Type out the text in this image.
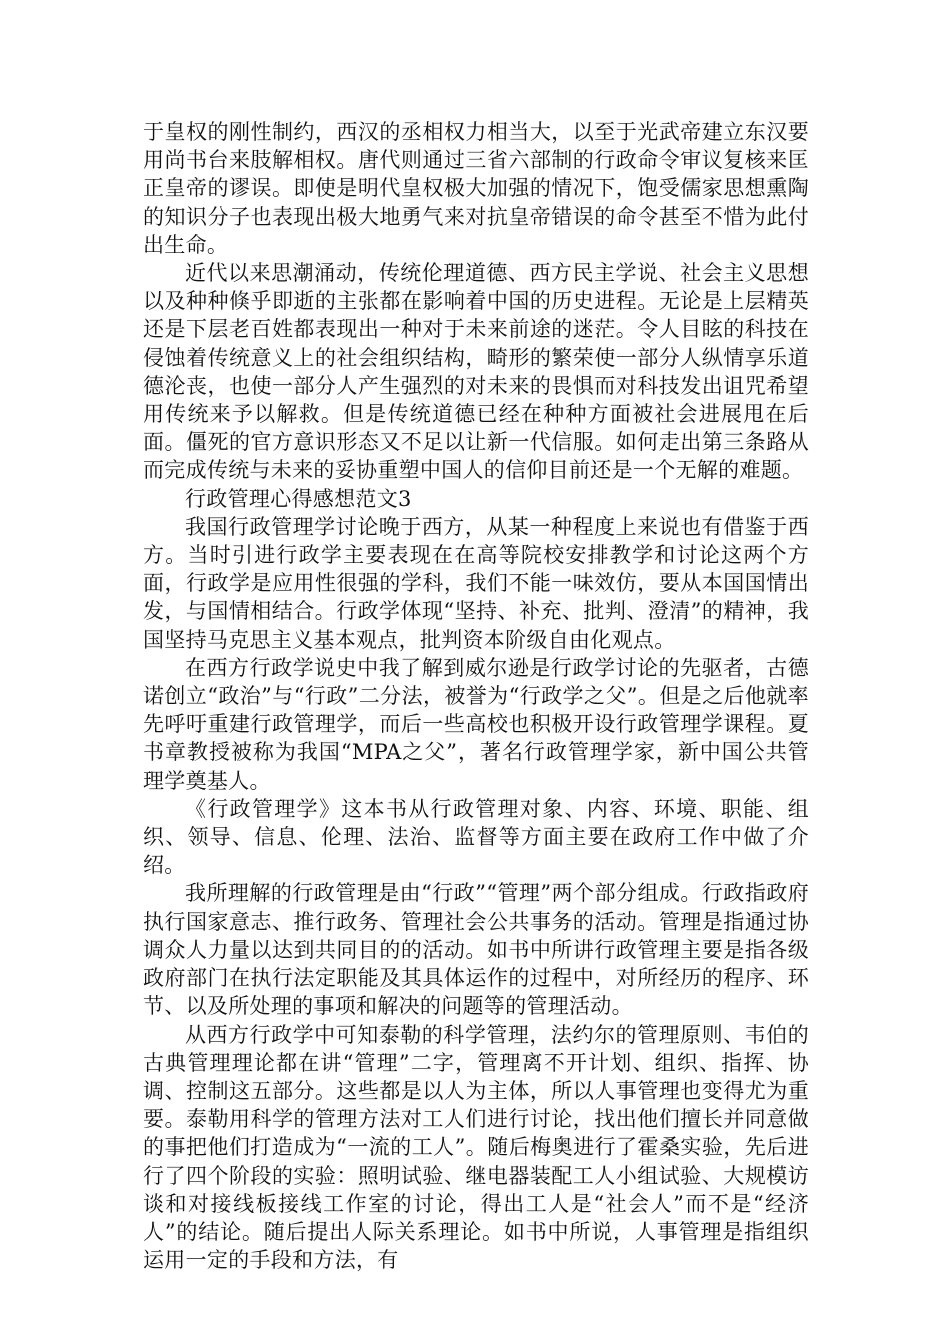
于皇权的刚性制约，西汉的丞相权力相当大，以至于光武帝建立东汉要用尚书台来肢解相权。唐代则通过三省六部制的行政命令审议复核来匡正皇帝的谬误。即使是明代皇权极大加强的情况下，饱受儒家思想熏陶的知识分子也表现出极大地勇气来对抗皇帝错误的命令甚至不惜为此付出生命。

近代以来思潮涌动，传统伦理道德、西方民主学说、社会主义思想以及种种倏乎即逝的主张都在影响着中国的历史进程。无论是上层精英还是下层老百姓都表现出一种对于未来前途的迷茫。令人目眩的科技在侵蚀着传统意义上的社会组织结构，畸形的繁荣使一部分人纵情享乐道德沦丧，也使一部分人产生强烈的对未来的畏惧而对科技发出诅咒希望用传统来予以解救。但是传统道德已经在种种方面被社会进展甩在后面。僵死的官方意识形态又不足以让新一代信服。如何走出第三条路从而完成传统与未来的妥协重塑中国人的信仰目前还是一个无解的难题。

行政管理心得感想范文3

我国行政管理学讨论晚于西方，从某一种程度上来说也有借鉴于西方。当时引进行政学主要表现在在高等院校安排教学和讨论这两个方面，行政学是应用性很强的学科，我们不能一味效仿，要从本国国情出发，与国情相结合。行政学体现“坚持、补充、批判、澄清”的精神，我国坚持马克思主义基本观点，批判资本阶级自由化观点。

在西方行政学说史中我了解到威尔逊是行政学讨论的先驱者，古德诺创立“政治”与“行政”二分法，被誉为“行政学之父”。但是之后他就率先呼吁重建行政管理学，而后一些高校也积极开设行政管理学课程。夏书章教授被称为我国“MPA之父”，著名行政管理学家，新中国公共管理学奠基人。

《行政管理学》这本书从行政管理对象、内容、环境、职能、组织、领导、信息、伦理、法治、监督等方面主要在政府工作中做了介绍。

我所理解的行政管理是由“行政”“管理”两个部分组成。行政指政府执行国家意志、推行政务、管理社会公共事务的活动。管理是指通过协调众人力量以达到共同目的的活动。如书中所讲行政管理主要是指各级政府部门在执行法定职能及其具体运作的过程中，对所经历的程序、环节、以及所处理的事项和解决的问题等的管理活动。

从西方行政学中可知泰勒的科学管理，法约尔的管理原则、韦伯的古典管理理论都在讲“管理”二字，管理离不开计划、组织、指挥、协调、控制这五部分。这些都是以人为主体，所以人事管理也变得尤为重要。泰勒用科学的管理方法对工人们进行讨论，找出他们擅长并同意做的事把他们打造成为“一流的工人”。随后梅奥进行了霍桑实验，先后进行了四个阶段的实验：照明试验、继电器装配工人小组试验、大规模访谈和对接线板接线工作室的讨论，得出工人是“社会人”而不是“经济人”的结论。随后提出人际关系理论。如书中所说，人事管理是指组织运用一定的手段和方法，有
